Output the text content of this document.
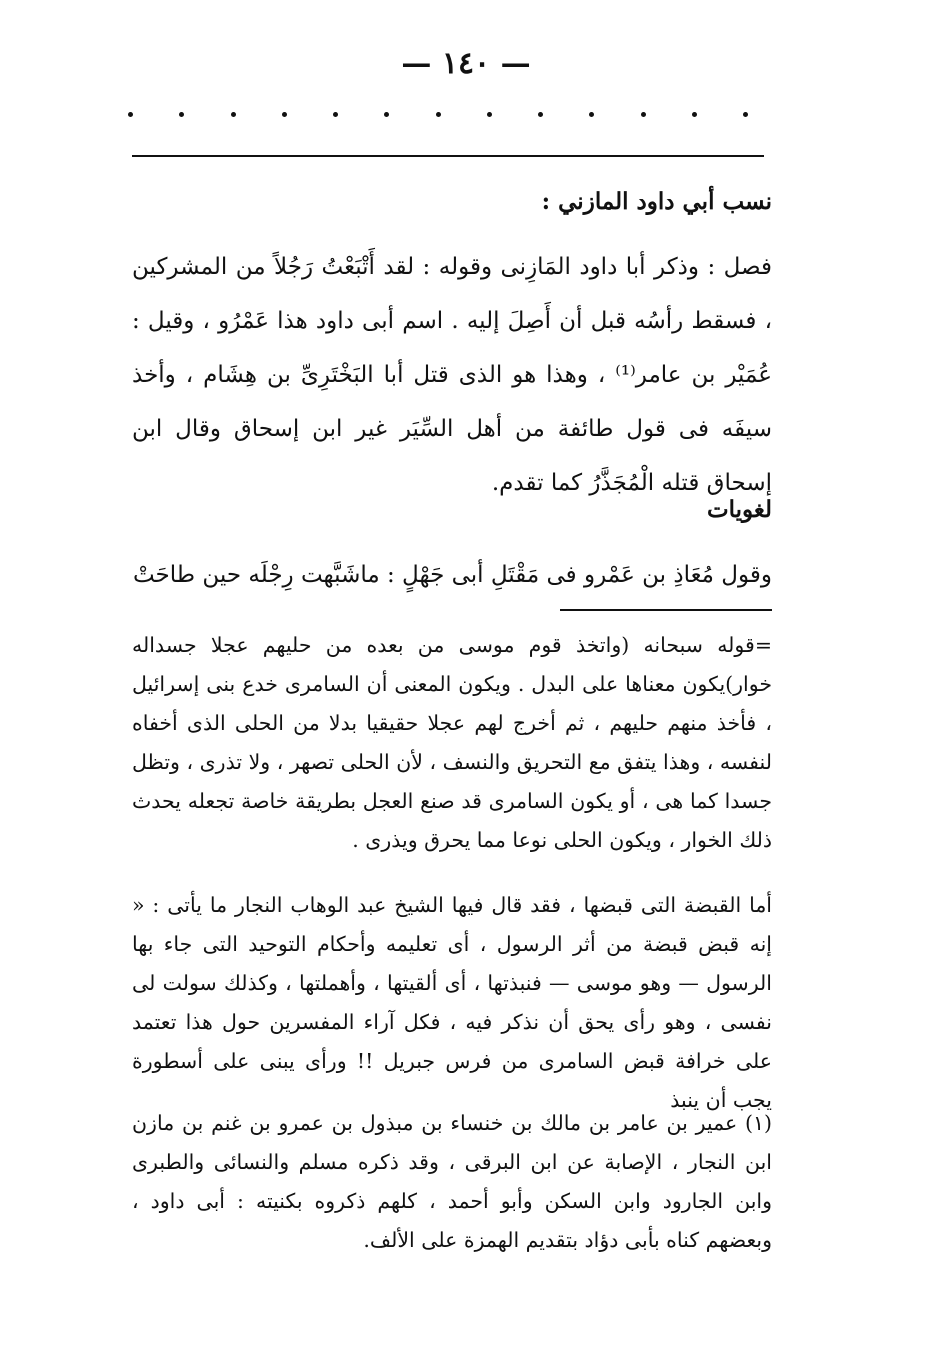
— ١٤٠ —
نسب أبي داود المازني :
فصل : وذكر أبا داود المَازِنى وقوله : لقد أَتْبَعْتُ رَجُلاً من المشركين ، فسقط رأسُه قبل أن أَصِلَ إليه . اسم أبى داود هذا عَمْرُو ، وقيل : عُمَيْر بن عامر⁽¹⁾ ، وهذا هو الذى قتل أبا البَخْتَرِىِّ بن هِشَام ، وأخذ سيفَه فى قول طائفة من أهل السِّيَر غير ابن إسحاق وقال ابن إسحاق قتله الْمُجَذَّرُ كما تقدم.
لغويات
وقول مُعَاذِ بن عَمْرو فى مَقْتَلِ أبى جَهْلٍ : ماشَبَّهت رِجْلَه حين طاحَتْ
=قوله سبحانه (واتخذ قوم موسى من بعده من حليهم عجلا جسداله خوار)يكون معناها على البدل . ويكون المعنى أن السامرى خدع بنى إسرائيل ، فأخذ منهم حليهم ، ثم أخرج لهم عجلا حقيقيا بدلا من الحلى الذى أخفاه لنفسه ، وهذا يتفق مع التحريق والنسف ، لأن الحلى تصهر ، ولا تذرى ، وتظل جسدا كما هى ، أو يكون السامرى قد صنع العجل بطريقة خاصة تجعله يحدث ذلك الخوار ، ويكون الحلى نوعا مما يحرق ويذرى .
أما القبضة التى قبضها ، فقد قال فيها الشيخ عبد الوهاب النجار ما يأتى : « إنه قبض قبضة من أثر الرسول ، أى تعليمه وأحكام التوحيد التى جاء بها الرسول — وهو موسى — فنبذتها ، أى ألقيتها ، وأهملتها ، وكذلك سولت لى نفسى ، وهو رأى يحق أن نذكر فيه ، فكل آراء المفسرين حول هذا تعتمد على خرافة قبض السامرى من فرس جبريل !! ورأى يبنى على أسطورة يجب أن ينبذ
(١) عمير بن عامر بن مالك بن خنساء بن مبذول بن عمرو بن غنم بن مازن ابن النجار ، الإصابة عن ابن البرقى ، وقد ذكره مسلم والنسائى والطبرى وابن الجارود وابن السكن وأبو أحمد ، كلهم ذكروه بكنيته : أبى داود ، وبعضهم كناه بأبى دؤاد بتقديم الهمزة على الألف.
